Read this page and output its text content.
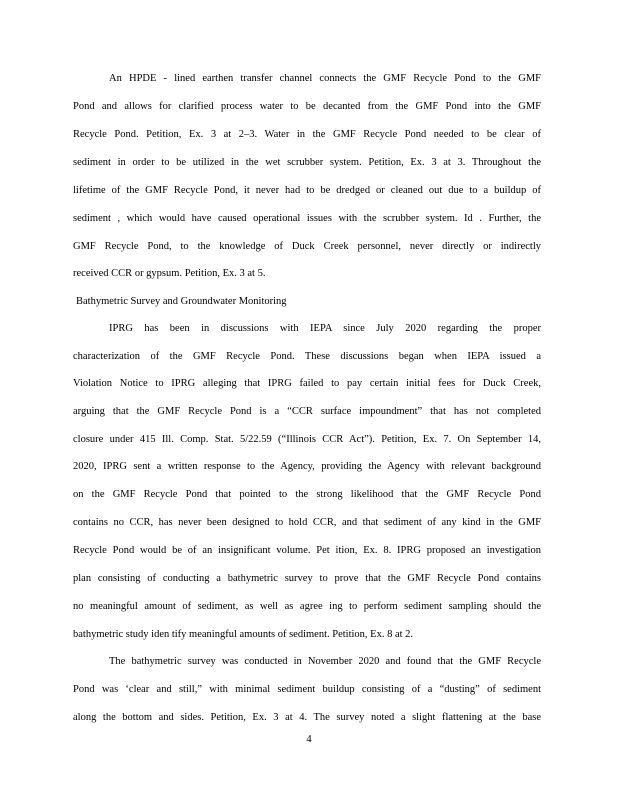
An HPDE - lined earthen transfer channel connects the GMF Recycle Pond to the GMF
Pond and allows for clarified process water to be decanted from the GMF Pond into the GMF
Recycle Pond. Petition, Ex. 3 at 2–3. Water in the GMF Recycle Pond needed to be clear of
sediment in order to be utilized in the wet scrubber system. Petition, Ex. 3 at 3. Throughout the
lifetime of the GMF Recycle Pond, it never had to be dredged or cleaned out due to a buildup of
sediment , which would have caused operational issues with the scrubber system. Id . Further, the
GMF Recycle Pond, to the knowledge of Duck Creek personnel, never directly or indirectly
received CCR or gypsum. Petition, Ex. 3 at 5.
Bathymetric Survey and Groundwater Monitoring
IPRG has been in discussions with IEPA since July 2020 regarding the proper
characterization of the GMF Recycle Pond. These discussions began when IEPA issued a
Violation Notice to IPRG alleging that IPRG failed to pay certain initial fees for Duck Creek,
arguing that the GMF Recycle Pond is a “CCR surface impoundment” that has not completed
closure under 415 Ill. Comp. Stat. 5/22.59 (“Illinois CCR Act”). Petition, Ex. 7. On September 14,
2020, IPRG sent a written response to the Agency, providing the Agency with relevant background
on the GMF Recycle Pond that pointed to the strong likelihood that the GMF Recycle Pond
contains no CCR, has never been designed to hold CCR, and that sediment of any kind in the GMF
Recycle Pond would be of an insignificant volume. Pet ition, Ex. 8. IPRG proposed an investigation
plan consisting of conducting a bathymetric survey to prove that the GMF Recycle Pond contains
no meaningful amount of sediment, as well as agree ing to perform sediment sampling should the
bathymetric study iden tify meaningful amounts of sediment. Petition, Ex. 8 at 2.
The bathymetric survey was conducted in November 2020 and found that the GMF Recycle
Pond was ‘clear and still,” with minimal sediment buildup consisting of a “dusting” of sediment
along the bottom and sides. Petition, Ex. 3 at 4. The survey noted a slight flattening at the base
4
